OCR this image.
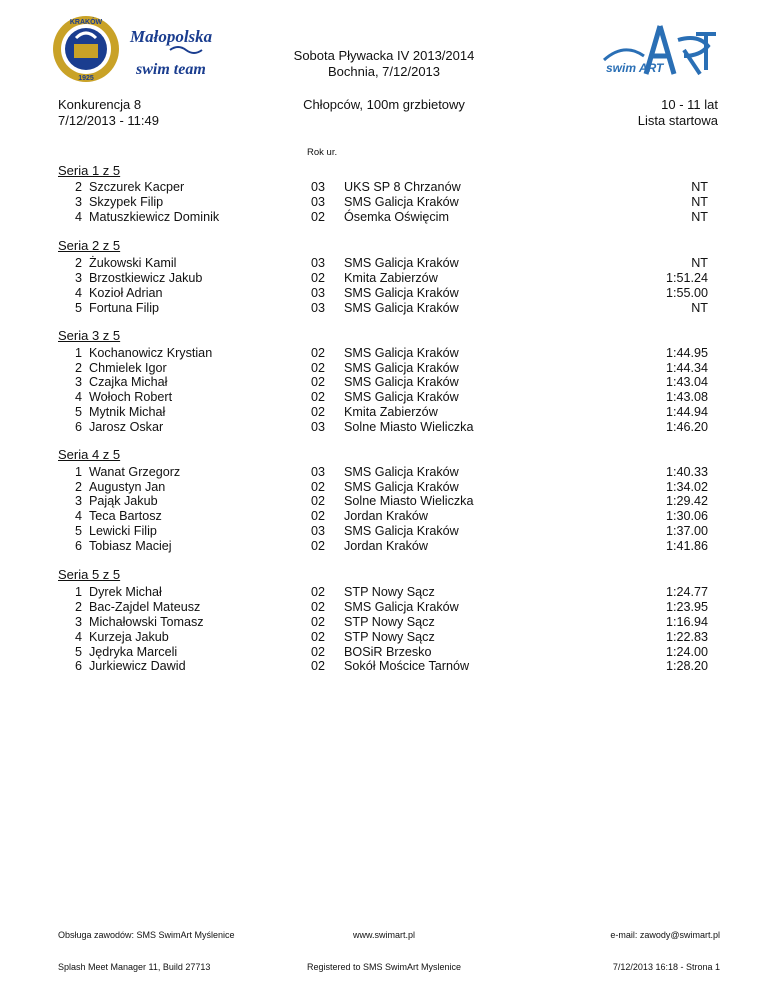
KRAKÓW
1925
Małopolska
swim team	swim ART
Sobota Pływacka IV 2013/2014
Bochnia, 7/12/2013
Konkurencja 8
7/12/2013 - 11:49
Chłopców, 100m grzbietowy	10 - 11 lat
Lista startowa
Rok ur.
Seria 1 z 5
2 Szczurek Kacper	03 UKS SP 8 Chrzanów	NT
3 Skzypek Filip	03 SMS Galicja Kraków	NT
4 Matuszkiewicz Dominik	02 Ósemka Oświęcim	NT
Seria 2 z 5
2 Żukowski Kamil	03 SMS Galicja Kraków	NT
3 Brzostkiewicz Jakub	02 Kmita Zabierzów	1:51.24
4 Kozioł Adrian	03 SMS Galicja Kraków	1:55.00
5 Fortuna Filip	03 SMS Galicja Kraków	NT
Seria 3 z 5
1 Kochanowicz Krystian	02 SMS Galicja Kraków	1:44.95
2 Chmielek Igor	02 SMS Galicja Kraków	1:44.34
3 Czajka Michał	02 SMS Galicja Kraków	1:43.04
4 Wołoch Robert	02 SMS Galicja Kraków	1:43.08
5 Mytnik Michał	02 Kmita Zabierzów	1:44.94
6 Jarosz Oskar	03 Solne Miasto Wieliczka	1:46.20
Seria 4 z 5
1 Wanat Grzegorz	03 SMS Galicja Kraków	1:40.33
2 Augustyn Jan	02 SMS Galicja Kraków	1:34.02
3 Pająk Jakub	02 Solne Miasto Wieliczka	1:29.42
4 Teca Bartosz	02 Jordan Kraków	1:30.06
5 Lewicki Filip	03 SMS Galicja Kraków	1:37.00
6 Tobiasz Maciej	02 Jordan Kraków	1:41.86
Seria 5 z 5
1 Dyrek Michał	02 STP Nowy Sącz	1:24.77
2 Bac-Zajdel Mateusz	02 SMS Galicja Kraków	1:23.95
3 Michałowski Tomasz	02 STP Nowy Sącz	1:16.94
4 Kurzeja Jakub	02 STP Nowy Sącz	1:22.83
5 Jędryka Marceli	02 BOSiR Brzesko	1:24.00
6 Jurkiewicz Dawid	02 Sokół Mościce Tarnów	1:28.20
Obsługa zawodów: SMS SwimArt Myślenice	www.swimart.pl	e-mail: zawody@swimart.pl
Splash Meet Manager 11, Build 27713	Registered to SMS SwimArt Myslenice	7/12/2013 16:18 - Strona 1
